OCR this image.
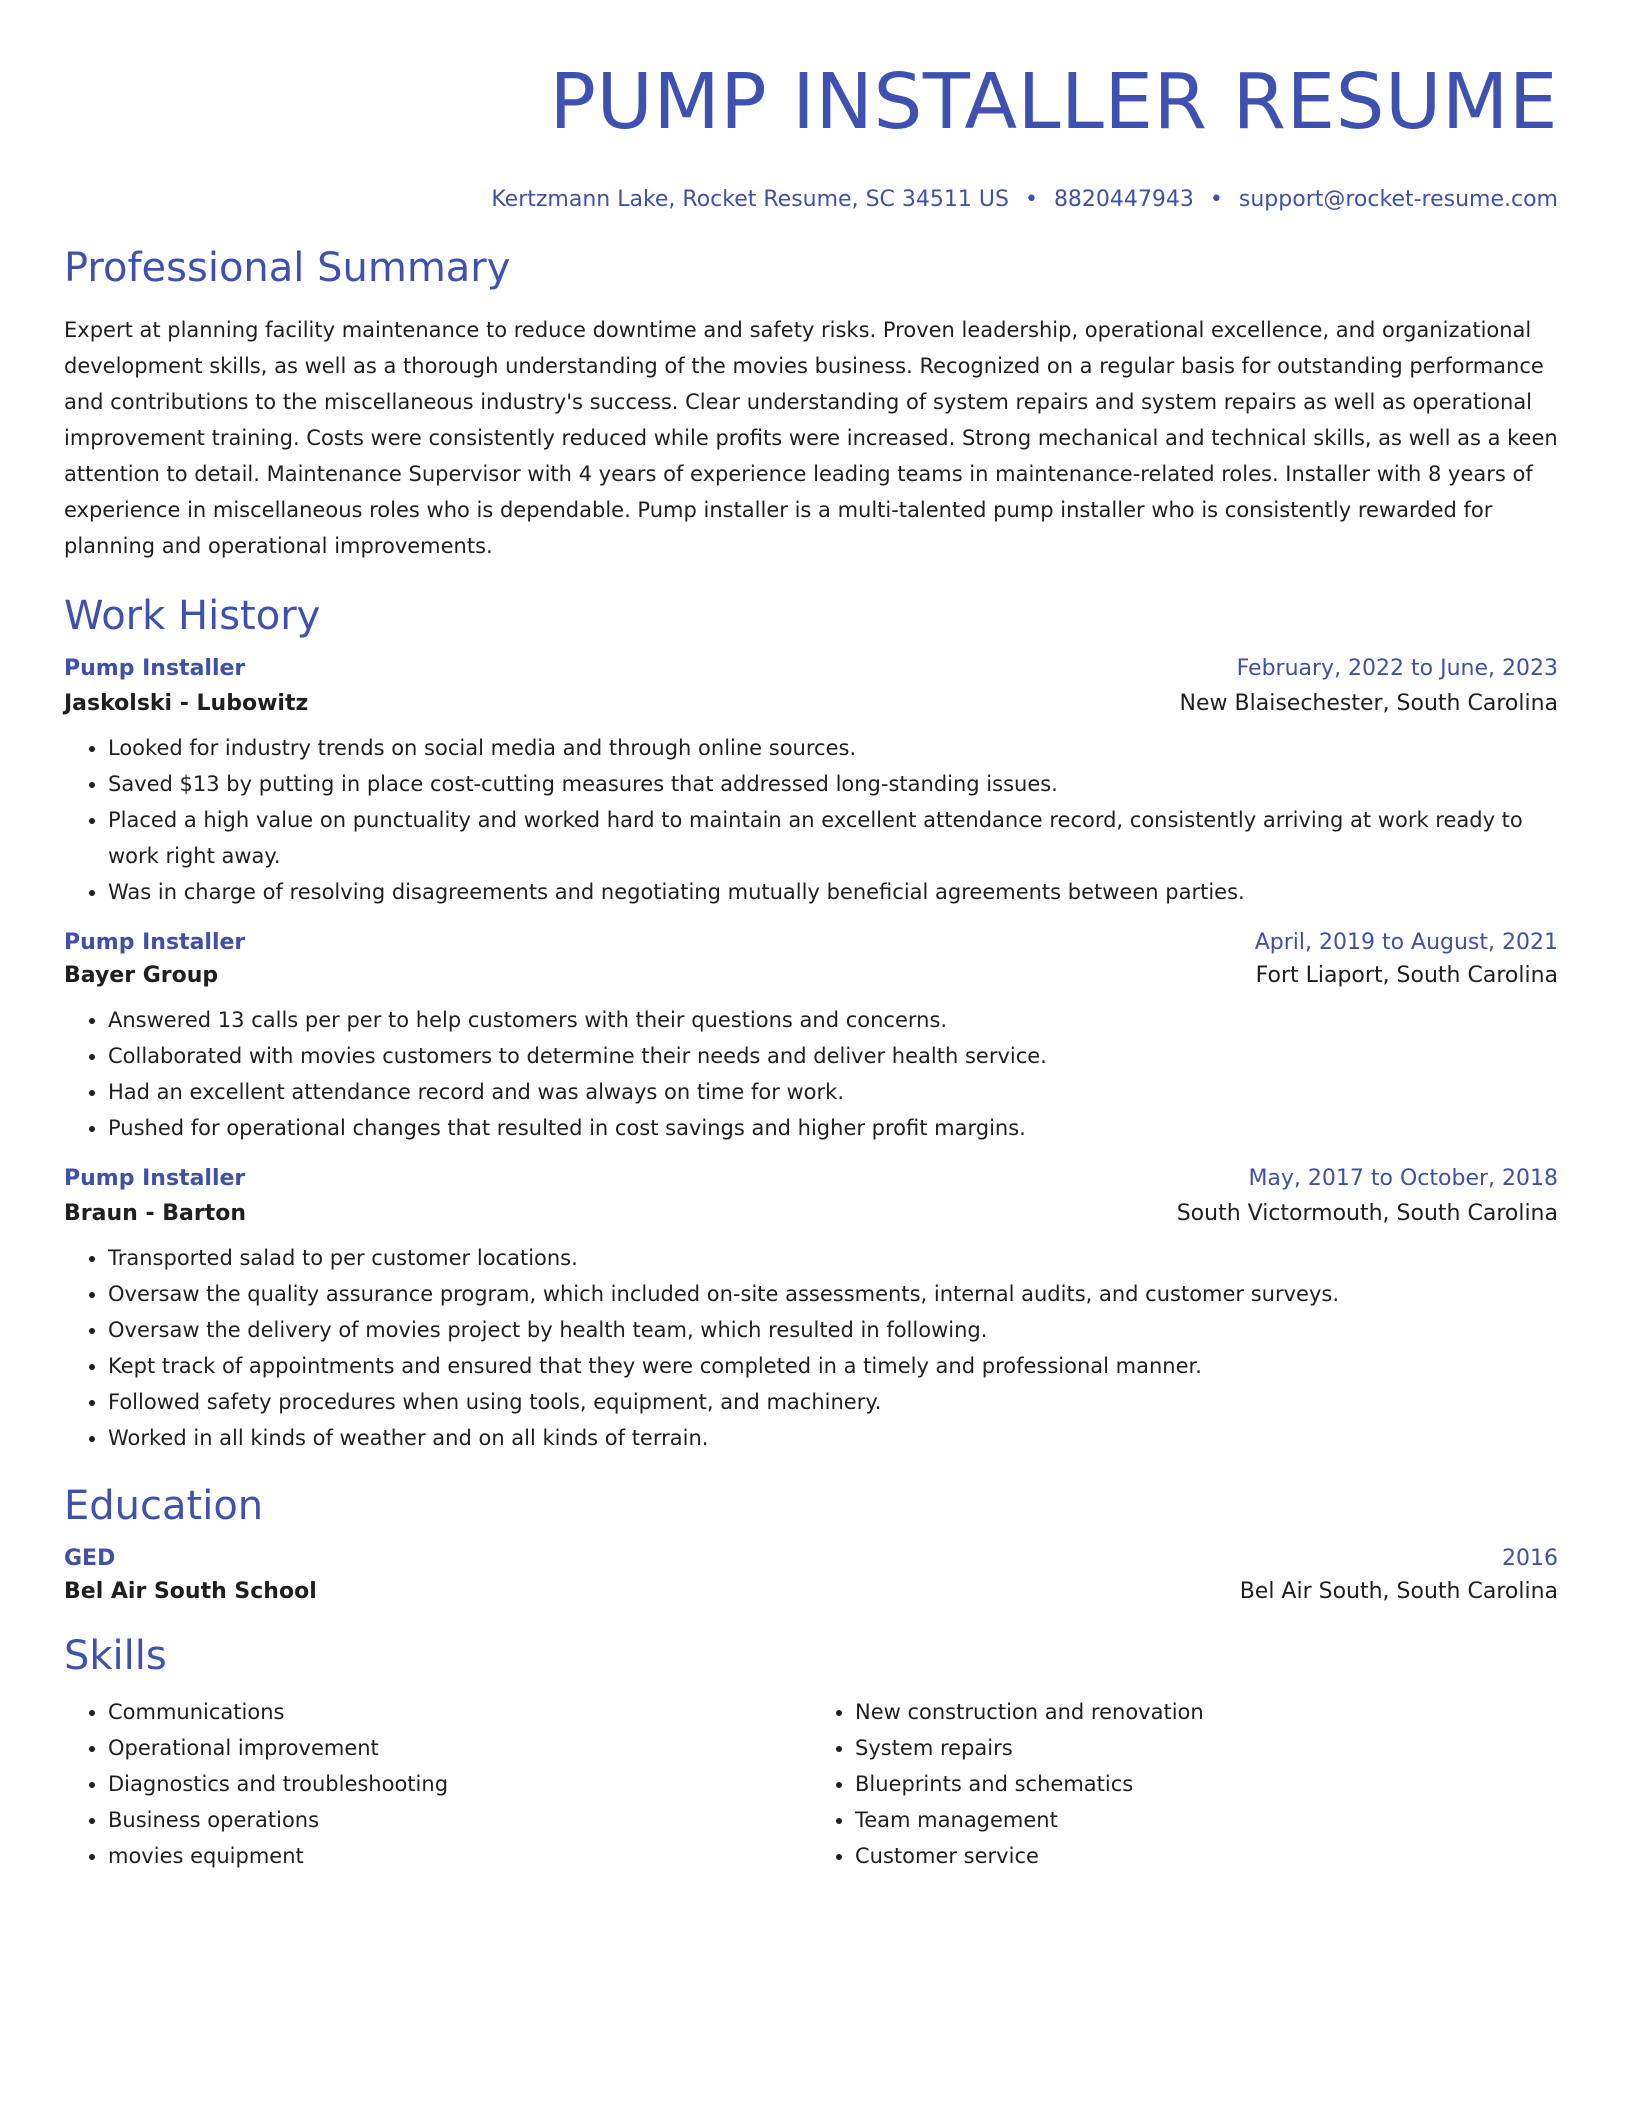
PUMP INSTALLER RESUME
Kertzmann Lake, Rocket Resume, SC 34511 US • 8820447943 • support@rocket-resume.com
Professional Summary

Expert at planning facility maintenance to reduce downtime and safety risks. Proven leadership, operational excellence, and organizational development skills, as well as a thorough understanding of the movies business. Recognized on a regular basis for outstanding performance and contributions to the miscellaneous industry's success. Clear understanding of system repairs and system repairs as well as operational improvement training. Costs were consistently reduced while profits were increased. Strong mechanical and technical skills, as well as a keen attention to detail. Maintenance Supervisor with 4 years of experience leading teams in maintenance-related roles. Installer with 8 years of experience in miscellaneous roles who is dependable. Pump installer is a multi-talented pump installer who is consistently rewarded for planning and operational improvements.

Work History
Pump Installer	February, 2022 to June, 2023
Jaskolski - Lubowitz	New Blaisechester, South Carolina
• Looked for industry trends on social media and through online sources.
• Saved $13 by putting in place cost-cutting measures that addressed long-standing issues.
• Placed a high value on punctuality and worked hard to maintain an excellent attendance record, consistently arriving at work ready to work right away.
• Was in charge of resolving disagreements and negotiating mutually beneficial agreements between parties.
Pump Installer	April, 2019 to August, 2021
Bayer Group	Fort Liaport, South Carolina
• Answered 13 calls per per to help customers with their questions and concerns.
• Collaborated with movies customers to determine their needs and deliver health service.
• Had an excellent attendance record and was always on time for work.
• Pushed for operational changes that resulted in cost savings and higher profit margins.
Pump Installer	May, 2017 to October, 2018
Braun - Barton	South Victormouth, South Carolina
• Transported salad to per customer locations.
• Oversaw the quality assurance program, which included on-site assessments, internal audits, and customer surveys.
• Oversaw the delivery of movies project by health team, which resulted in following.
• Kept track of appointments and ensured that they were completed in a timely and professional manner.
• Followed safety procedures when using tools, equipment, and machinery.
• Worked in all kinds of weather and on all kinds of terrain.
Education
GED	2016
Bel Air South School	Bel Air South, South Carolina
Skills
• Communications
• Operational improvement
• Diagnostics and troubleshooting
• Business operations
• movies equipment
• New construction and renovation
• System repairs
• Blueprints and schematics
• Team management
• Customer service
